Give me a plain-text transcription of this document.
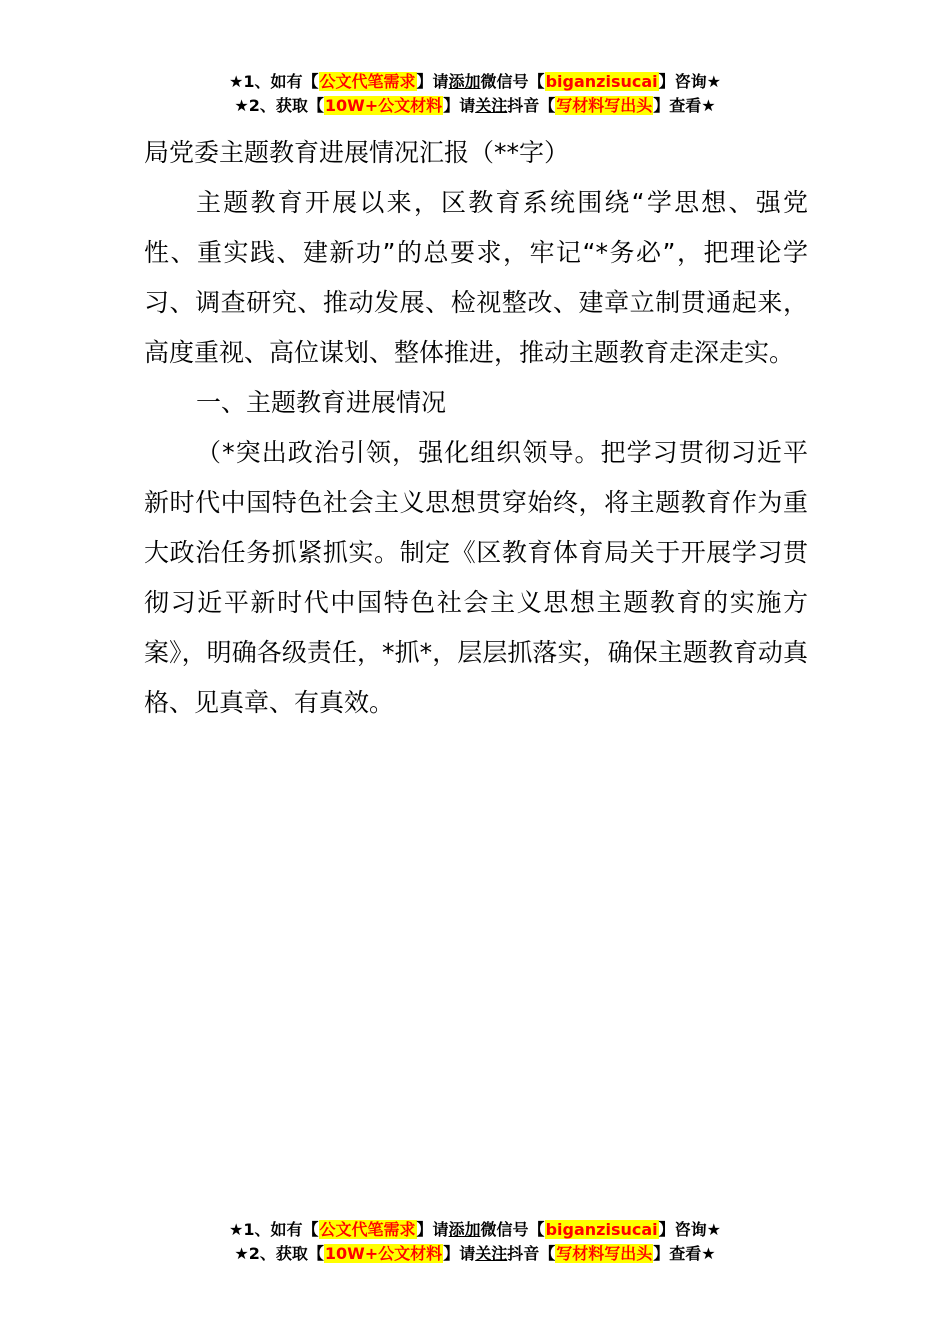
★1、如有【公文代笔需求】请添加微信号【biganzisucai】咨询★
★2、获取【10W+公文材料】请关注抖音【写材料写出头】查看★

局党委主题教育进展情况汇报（**字）

主题教育开展以来，区教育系统围绕“学思想、强党性、重实践、建新功”的总要求，牢记“*务必”，把理论学习、调查研究、推动发展、检视整改、建章立制贯通起来，高度重视、高位谋划、整体推进，推动主题教育走深走实。

一、主题教育进展情况

（*突出政治引领，强化组织领导。把学习贯彻习近平新时代中国特色社会主义思想贯穿始终，将主题教育作为重大政治任务抓紧抓实。制定《区教育体育局关于开展学习贯彻习近平新时代中国特色社会主义思想主题教育的实施方案》，明确各级责任，*抓*，层层抓落实，确保主题教育动真格、见真章、有真效。

★1、如有【公文代笔需求】请添加微信号【biganzisucai】咨询★
★2、获取【10W+公文材料】请关注抖音【写材料写出头】查看★
